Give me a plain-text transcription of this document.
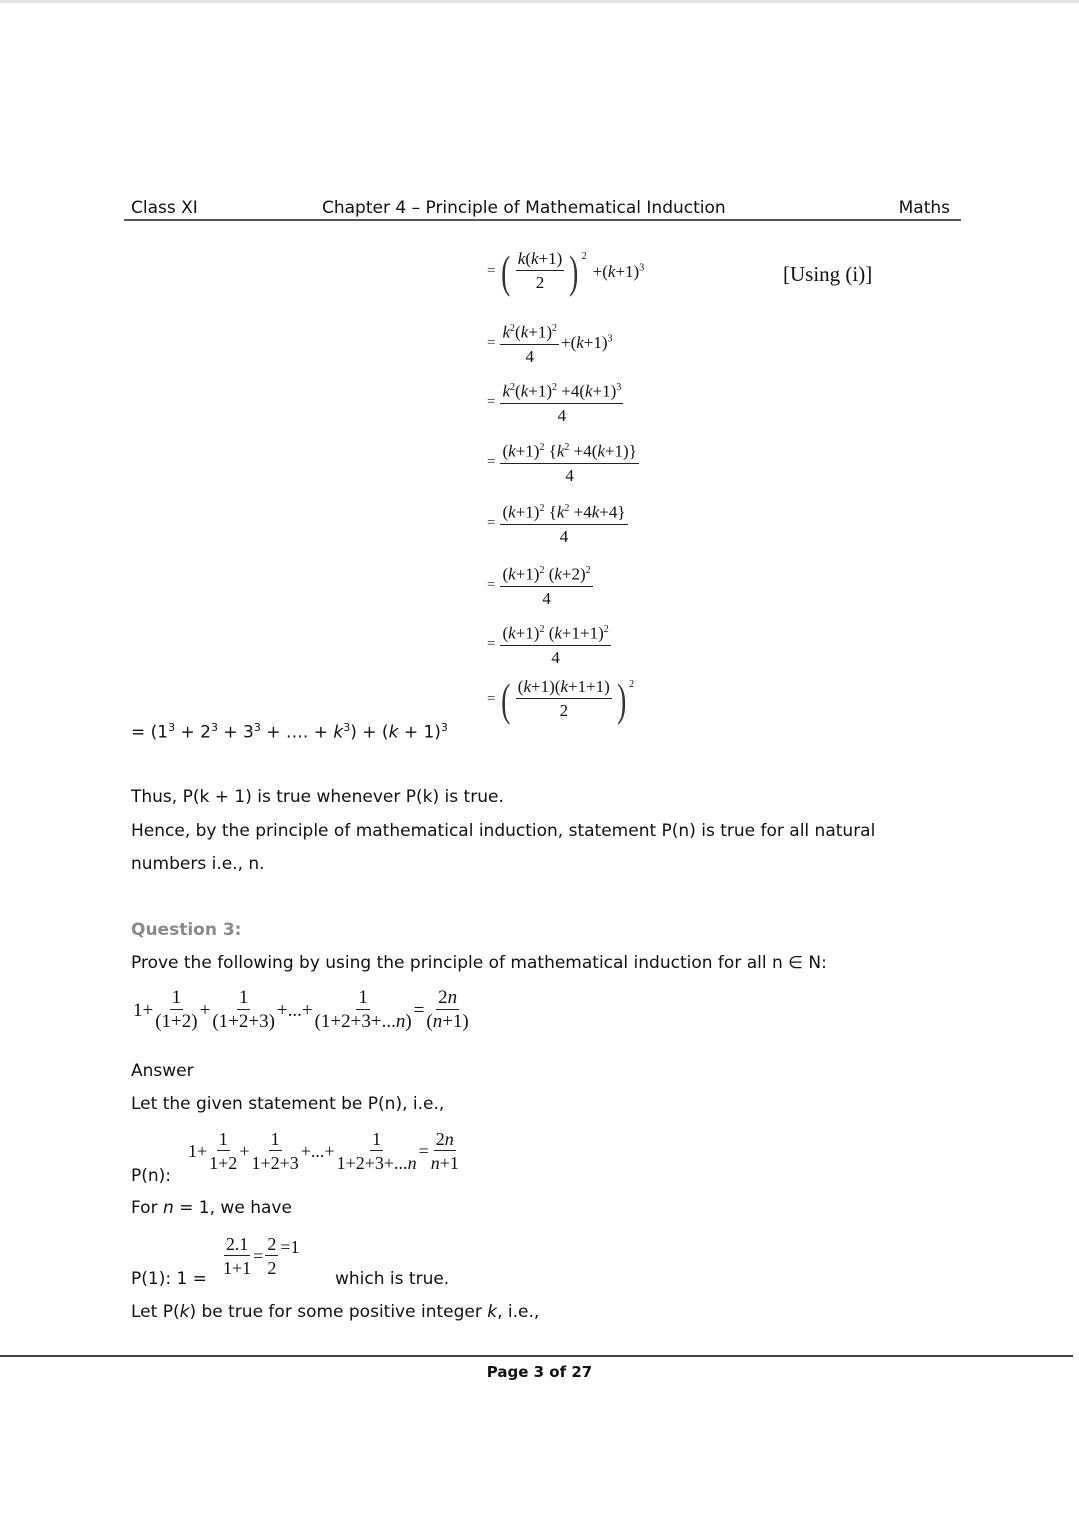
Class XI	Chapter 4 – Principle of Mathematical Induction	Maths
= ( $\frac{k(k+1)}{2}$ ) 2
$+(k+1)^3$	[Using (i)]
= $\frac{k^2(k+1)^2}{4} +(k+1)^3$
= $\frac{k^2(k+1)^2 +4(k+1)^3}{4}$
= $\frac{(k+1)^2 \{k^2 +4(k+1)\}}{4}$
= $\frac{(k+1)^2 \{k^2 +4k+4\}}{4}$
= $\frac{(k+1)^2 (k+2)^2}{4}$
= $\frac{(k+1)^2 (k+1+1)^2}{4}$
= ( $\frac{(k+1)(k+1+1)}{2}$ ) 2
= ($1^3 + 2^3 + 3^3$ + …. + $k^3) + (k + 1)^3$
Thus, P(k + 1) is true whenever P(k) is true.
Hence, by the principle of mathematical induction, statement P(n) is true for all natural
numbers i.e., n.
Question 3:
Prove the following by using the principle of mathematical induction for all n ∈ N:
$1+ \frac{1}{(1+2)} + \frac{1}{(1+2+3)}$ +...+ $\frac{1}{(1+2+3+...n)} = \frac{2n}{(n+1)}$
Answer
Let the given statement be P(n), i.e.,
P(n):
$1+ \frac{1}{1+2} + \frac{1}{1+2+3}$ +...+ $\frac{1}{1+2+3+...n} = \frac{2n}{n+1}$
For n = 1, we have
P(1): $1 = \frac{2.1}{1+1} = \frac{2}{2} =1$
which is true.
Let P(k) be true for some positive integer k, i.e.,
Page 3 of 27
